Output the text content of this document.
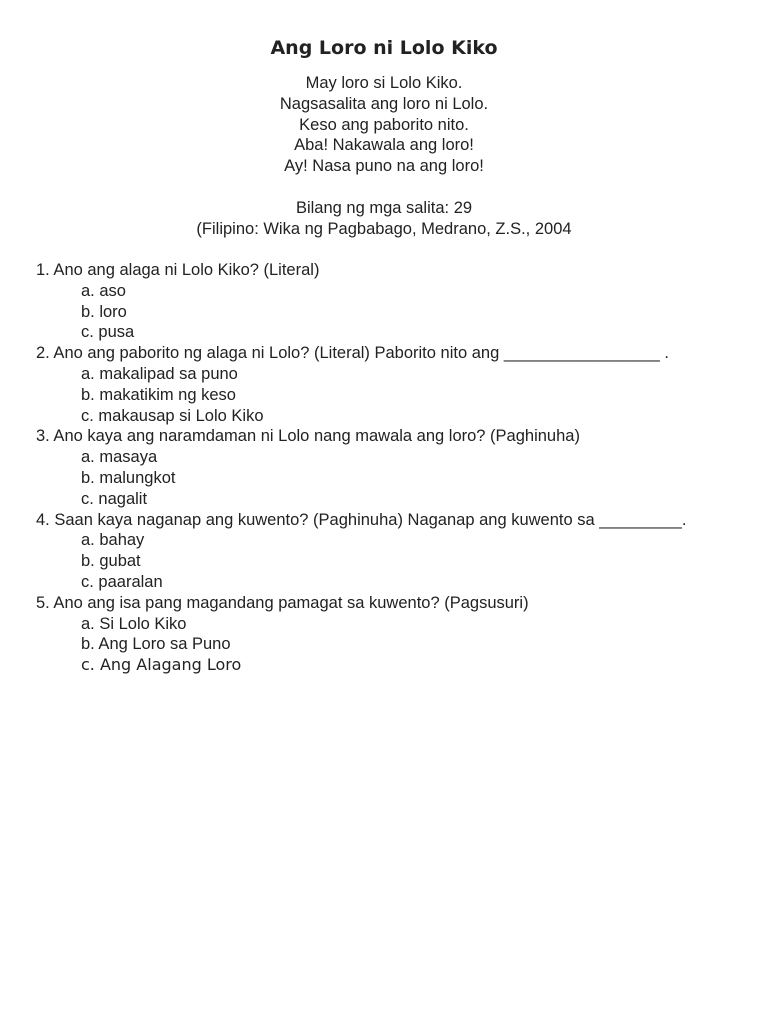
Ang Loro ni Lolo Kiko
May loro si Lolo Kiko.
Nagsasalita ang loro ni Lolo.
Keso ang paborito nito.
Aba! Nakawala ang loro!
Ay! Nasa puno na ang loro!
Bilang ng mga salita: 29
(Filipino: Wika ng Pagbabago, Medrano, Z.S., 2004
1. Ano ang alaga ni Lolo Kiko? (Literal)
a. aso
b. loro
c. pusa
2. Ano ang paborito ng alaga ni Lolo? (Literal) Paborito nito ang _________________ .
a. makalipad sa puno
b. makatikim ng keso
c. makausap si Lolo Kiko
3. Ano kaya ang naramdaman ni Lolo nang mawala ang loro? (Paghinuha)
a. masaya
b. malungkot
c. nagalit
4. Saan kaya naganap ang kuwento? (Paghinuha) Naganap ang kuwento sa _________.
a. bahay
b. gubat
c. paaralan
5. Ano ang isa pang magandang pamagat sa kuwento? (Pagsusuri)
a. Si Lolo Kiko
b. Ang Loro sa Puno
c. Ang Alagang Loro
